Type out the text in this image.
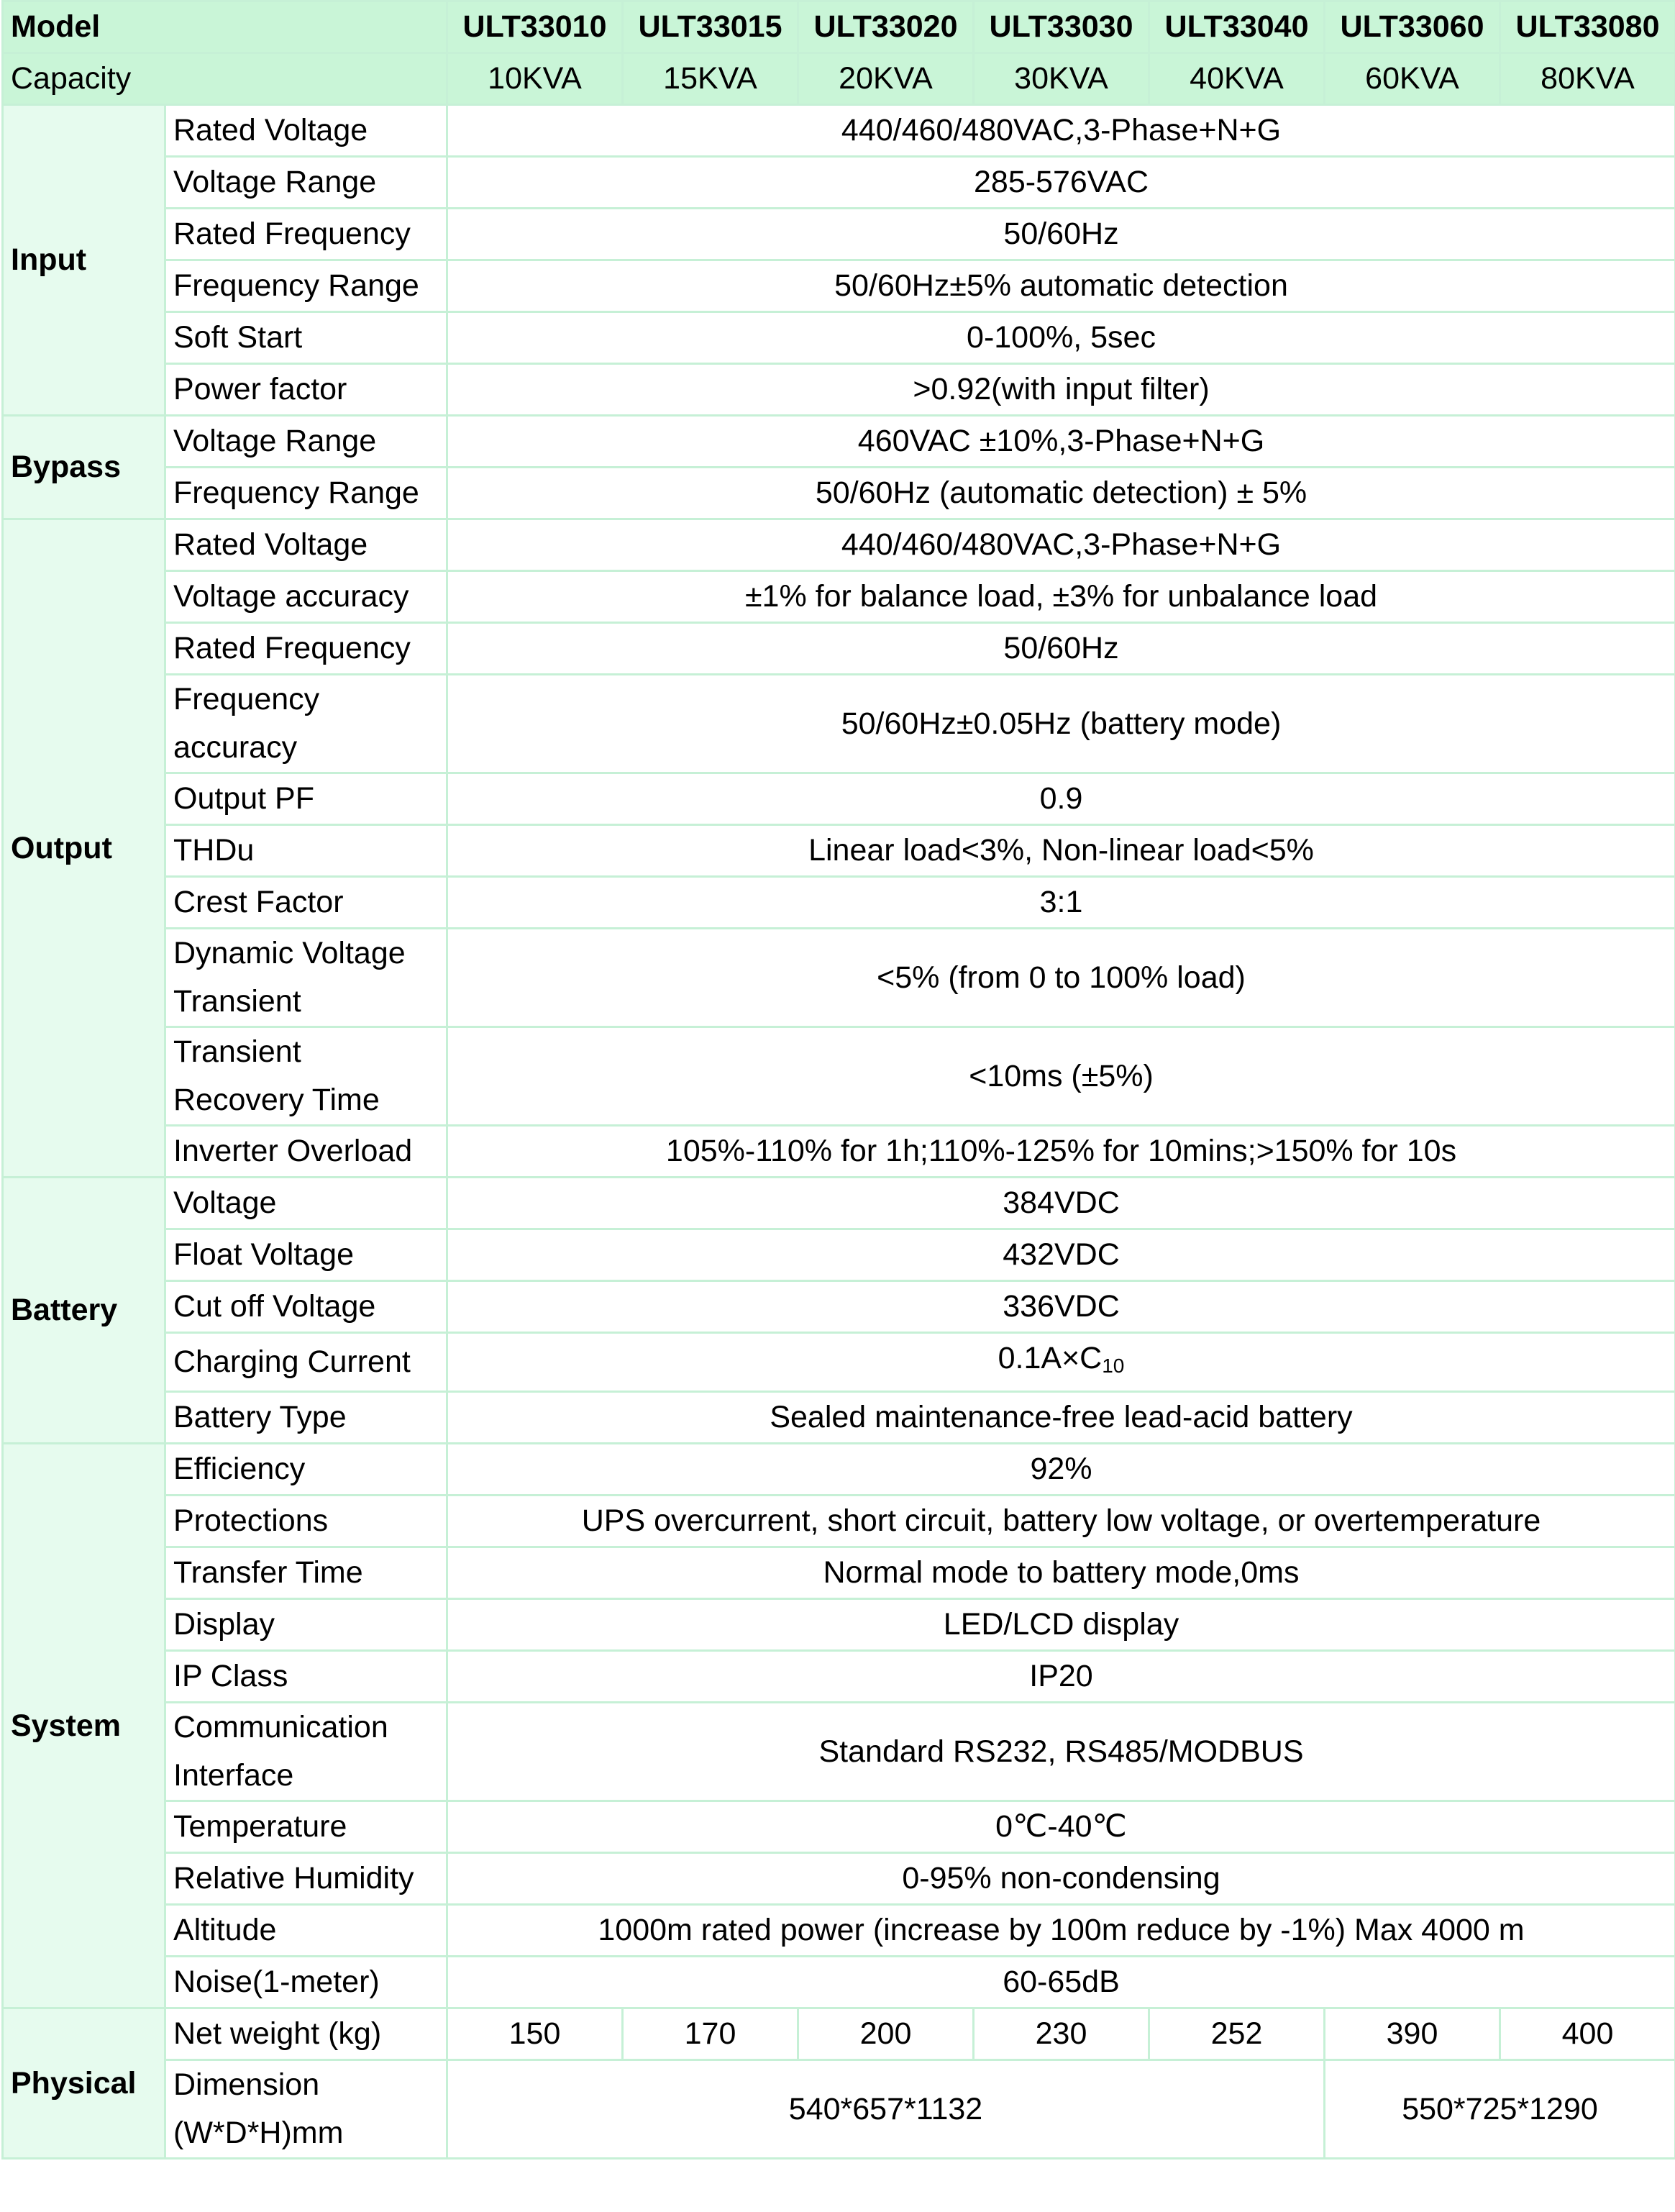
Model		ULT33010	ULT33015	ULT33020	ULT33030	ULT33040	ULT33060	ULT33080
Capacity		10KVA	15KVA	20KVA	30KVA	40KVA	60KVA	80KVA
Input	Rated Voltage	440/460/480VAC,3-Phase+N+G						
	Voltage Range	285-576VAC						
	Rated Frequency	50/60Hz						
	Frequency Range	50/60Hz±5% automatic detection						
	Soft Start	0-100%, 5sec						
	Power factor	>0.92(with input filter)						
Bypass	Voltage Range	460VAC ±10%,3-Phase+N+G						
	Frequency Range	50/60Hz (automatic detection) ± 5%						
Output	Rated Voltage	440/460/480VAC,3-Phase+N+G						
	Voltage accuracy	±1% for balance load, ±3% for unbalance load						
	Rated Frequency	50/60Hz						
	Frequency accuracy	50/60Hz±0.05Hz (battery mode)						
	Output PF	0.9						
	THDu	Linear load<3%, Non-linear load<5%						
	Crest Factor	3:1						
	Dynamic Voltage Transient	<5% (from 0 to 100% load)						
	Transient Recovery Time	<10ms (±5%)						
	Inverter Overload	105%-110% for 1h;110%-125% for 10mins;>150% for 10s						
Battery	Voltage	384VDC						
	Float Voltage	432VDC						
	Cut off Voltage	336VDC						
	Charging Current	$0.1A\times C_{10}$
	Battery Type	Sealed maintenance-free lead-acid battery						
System	Efficiency	92%						
	Protections	UPS overcurrent, short circuit, battery low voltage, or overtemperature						
	Transfer Time	Normal mode to battery mode,0ms						
	Display	LED/LCD display						
	IP Class	IP20						
	Communication Interface	Standard RS232, RS485/MODBUS						
	Temperature	0℃-40℃						
	Relative Humidity	0-95% non-condensing						
	Altitude	1000m rated power (increase by 100m reduce by -1%) Max 4000 m						
	Noise(1-meter)	60-65dB						
Physical	Net weight (kg)	150	170	200	230	252	390	400
	Dimension (W*D*H)mm	540*657*1132					550*725*1290	
